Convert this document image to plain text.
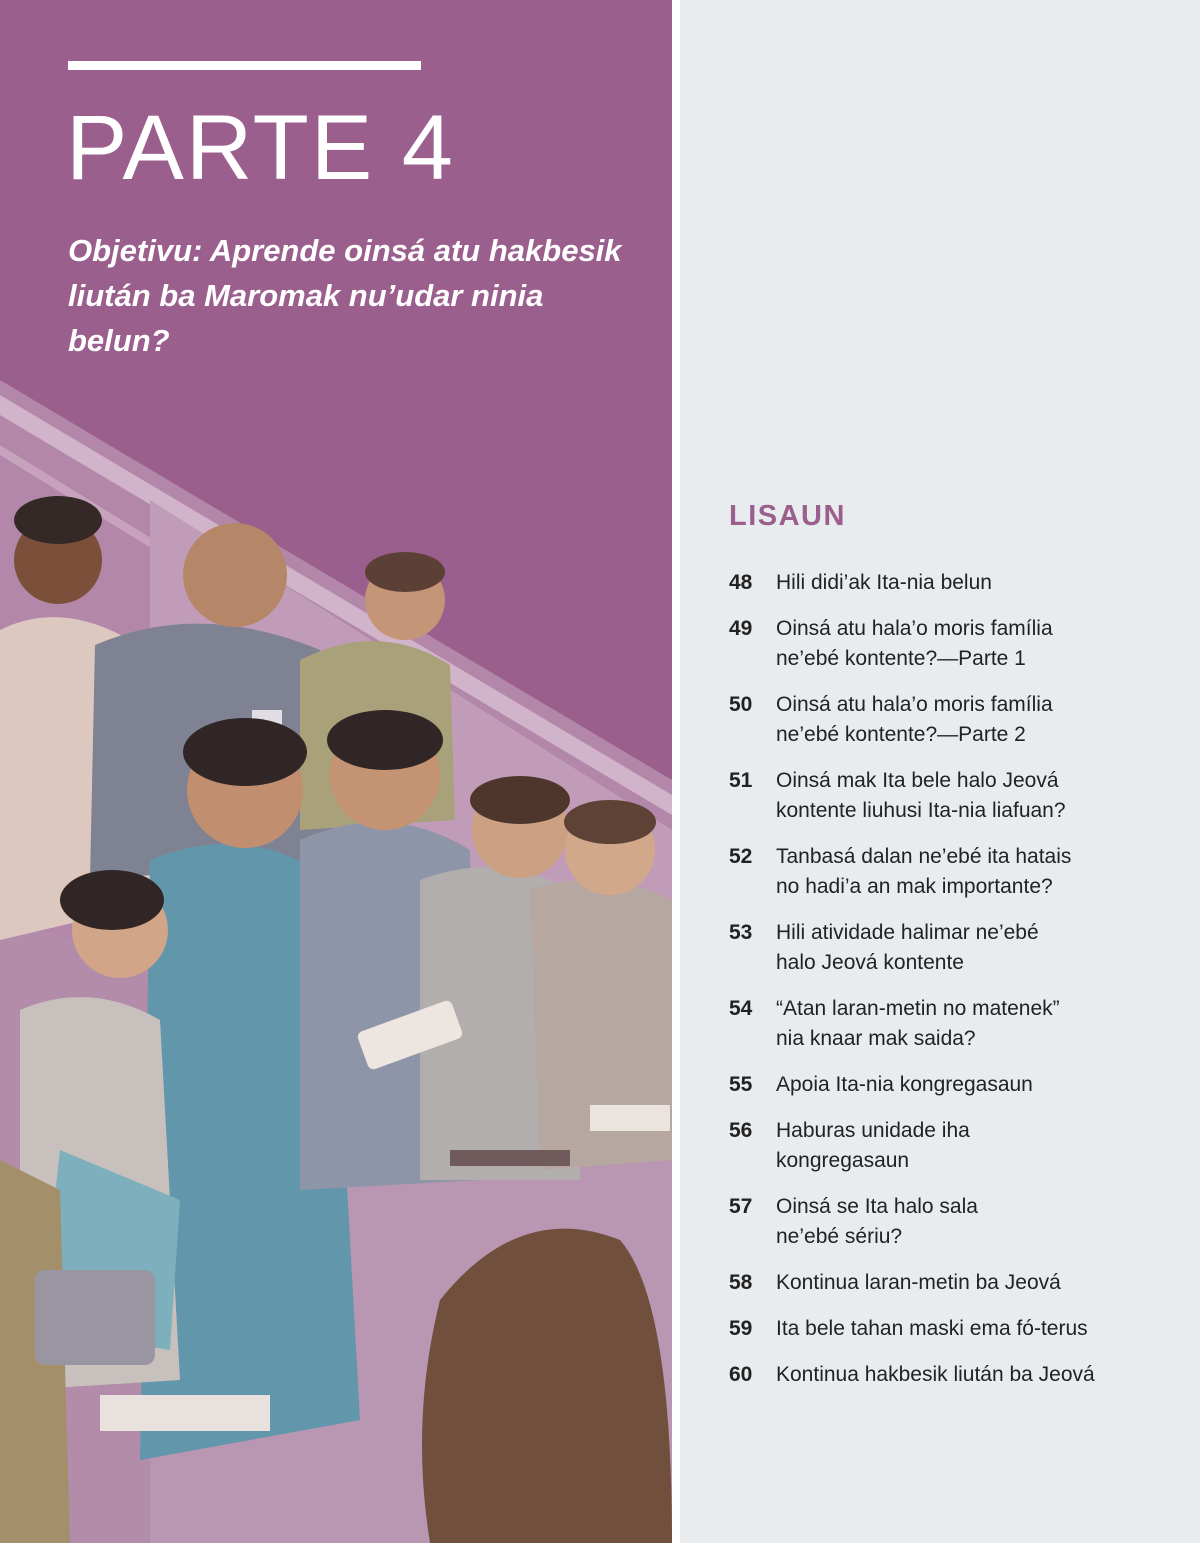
PARTE 4

Objetivu: Aprende oinsá atu hakbesik liután ba Maromak nu’udar ninia belun?

LISAUN
48	Hili didi’ak Ita-nia belun
49	Oinsá atu hala’o moris família
ne’ebé kontente?—Parte 1
50	Oinsá atu hala’o moris família
ne’ebé kontente?—Parte 2
51	Oinsá mak Ita bele halo Jeová
kontente liuhusi Ita-nia liafuan?
52	Tanbasá dalan ne’ebé ita hatais
no hadi’a an mak importante?
53	Hili atividade halimar ne’ebé
halo Jeová kontente
54	“Atan laran-metin no matenek”
nia knaar mak saida?
55	Apoia Ita-nia kongregasaun
56	Haburas unidade iha
kongregasaun
57	Oinsá se Ita halo sala
ne’ebé sériu?
58	Kontinua laran-metin ba Jeová
59	Ita bele tahan maski ema fó-terus
60	Kontinua hakbesik liután ba Jeová
